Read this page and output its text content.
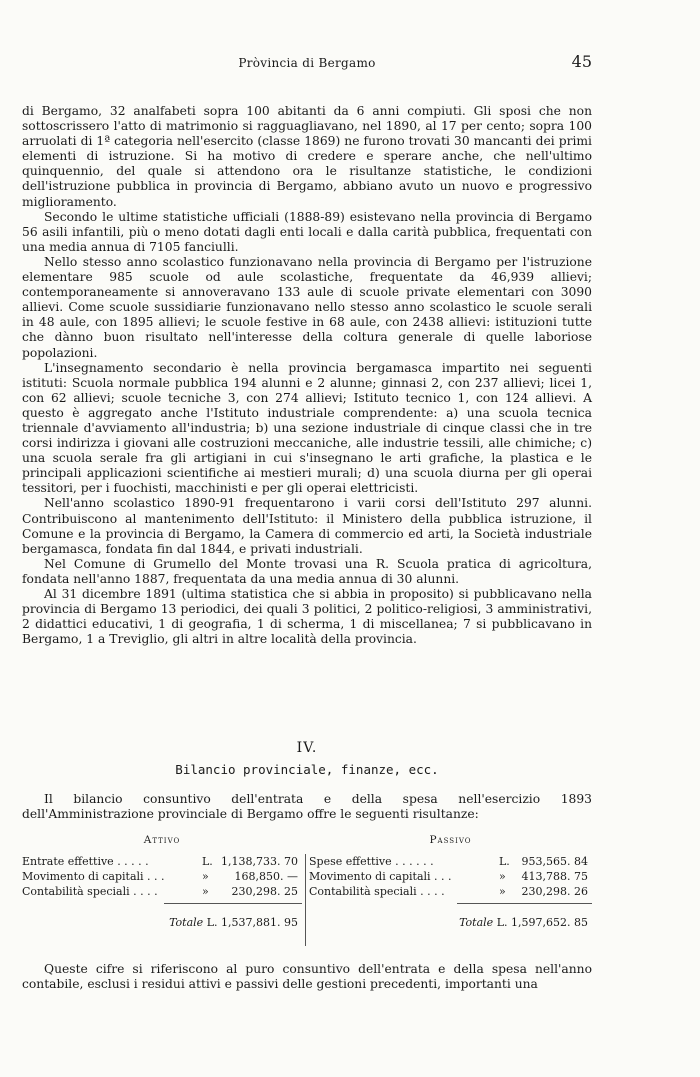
Pròvincia di Bergamo	45

di Bergamo, 32 analfabeti sopra 100 abitanti da 6 anni compiuti. Gli sposi che non sottoscrissero l'atto di matrimonio si ragguagliavano, nel 1890, al 17 per cento; sopra 100 arruolati di 1ª categoria nell'esercito (classe 1869) ne furono trovati 30 mancanti dei primi elementi di istruzione. Si ha motivo di credere e sperare anche, che nell'ultimo quinquennio, del quale si attendono ora le risultanze statistiche, le condizioni dell'istruzione pubblica in provincia di Bergamo, abbiano avuto un nuovo e progressivo miglioramento.

Secondo le ultime statistiche ufficiali (1888-89) esistevano nella provincia di Bergamo 56 asili infantili, più o meno dotati dagli enti locali e dalla carità pubblica, frequentati con una media annua di 7105 fanciulli.

Nello stesso anno scolastico funzionavano nella provincia di Bergamo per l'istruzione elementare 985 scuole od aule scolastiche, frequentate da 46,939 allievi; contemporaneamente si annoveravano 133 aule di scuole private elementari con 3090 allievi. Come scuole sussidiarie funzionavano nello stesso anno scolastico le scuole serali in 48 aule, con 1895 allievi; le scuole festive in 68 aule, con 2438 allievi: istituzioni tutte che dànno buon risultato nell'interesse della coltura generale di quelle laboriose popolazioni.

L'insegnamento secondario è nella provincia bergamasca impartito nei seguenti istituti: Scuola normale pubblica 194 alunni e 2 alunne; ginnasi 2, con 237 allievi; licei 1, con 62 allievi; scuole tecniche 3, con 274 allievi; Istituto tecnico 1, con 124 allievi. A questo è aggregato anche l'Istituto industriale comprendente: a) una scuola tecnica triennale d'avviamento all'industria; b) una sezione industriale di cinque classi che in tre corsi indirizza i giovani alle costruzioni meccaniche, alle industrie tessili, alle chimiche; c) una scuola serale fra gli artigiani in cui s'insegnano le arti grafiche, la plastica e le principali applicazioni scientifiche ai mestieri murali; d) una scuola diurna per gli operai tessitori, per i fuochisti, macchinisti e per gli operai elettricisti.

Nell'anno scolastico 1890-91 frequentarono i varii corsi dell'Istituto 297 alunni. Contribuiscono al mantenimento dell'Istituto: il Ministero della pubblica istruzione, il Comune e la provincia di Bergamo, la Camera di commercio ed arti, la Società industriale bergamasca, fondata fin dal 1844, e privati industriali.

Nel Comune di Grumello del Monte trovasi una R. Scuola pratica di agricoltura, fondata nell'anno 1887, frequentata da una media annua di 30 alunni.

Al 31 dicembre 1891 (ultima statistica che si abbia in proposito) si pubblicavano nella provincia di Bergamo 13 periodici, dei quali 3 politici, 2 politico-religiosi, 3 amministrativi, 2 didattici educativi, 1 di geografia, 1 di scherma, 1 di miscellanea; 7 si pubblicavano in Bergamo, 1 a Treviglio, gli altri in altre località della provincia.

IV.
Bilancio provinciale, finanze, ecc.

Il bilancio consuntivo dell'entrata e della spesa nell'esercizio 1893 dell'Amministrazione provinciale di Bergamo offre le seguenti risultanze:

Attivo
Entrate effettive . . . . .	L. 1,138,733. 70
Movimento di capitali . . .	» 168,850. —
Contabilità speciali . . . .	» 230,298. 25
Totale L. 1,537,881. 95
Passivo
Spese effettive . . . . . .	L. 953,565. 84
Movimento di capitali . . .	» 413,788. 75
Contabilità speciali . . . .	» 230,298. 26
Totale L. 1,597,652. 85

Queste cifre si riferiscono al puro consuntivo dell'entrata e della spesa nell'anno contabile, esclusi i residui attivi e passivi delle gestioni precedenti, importanti una
